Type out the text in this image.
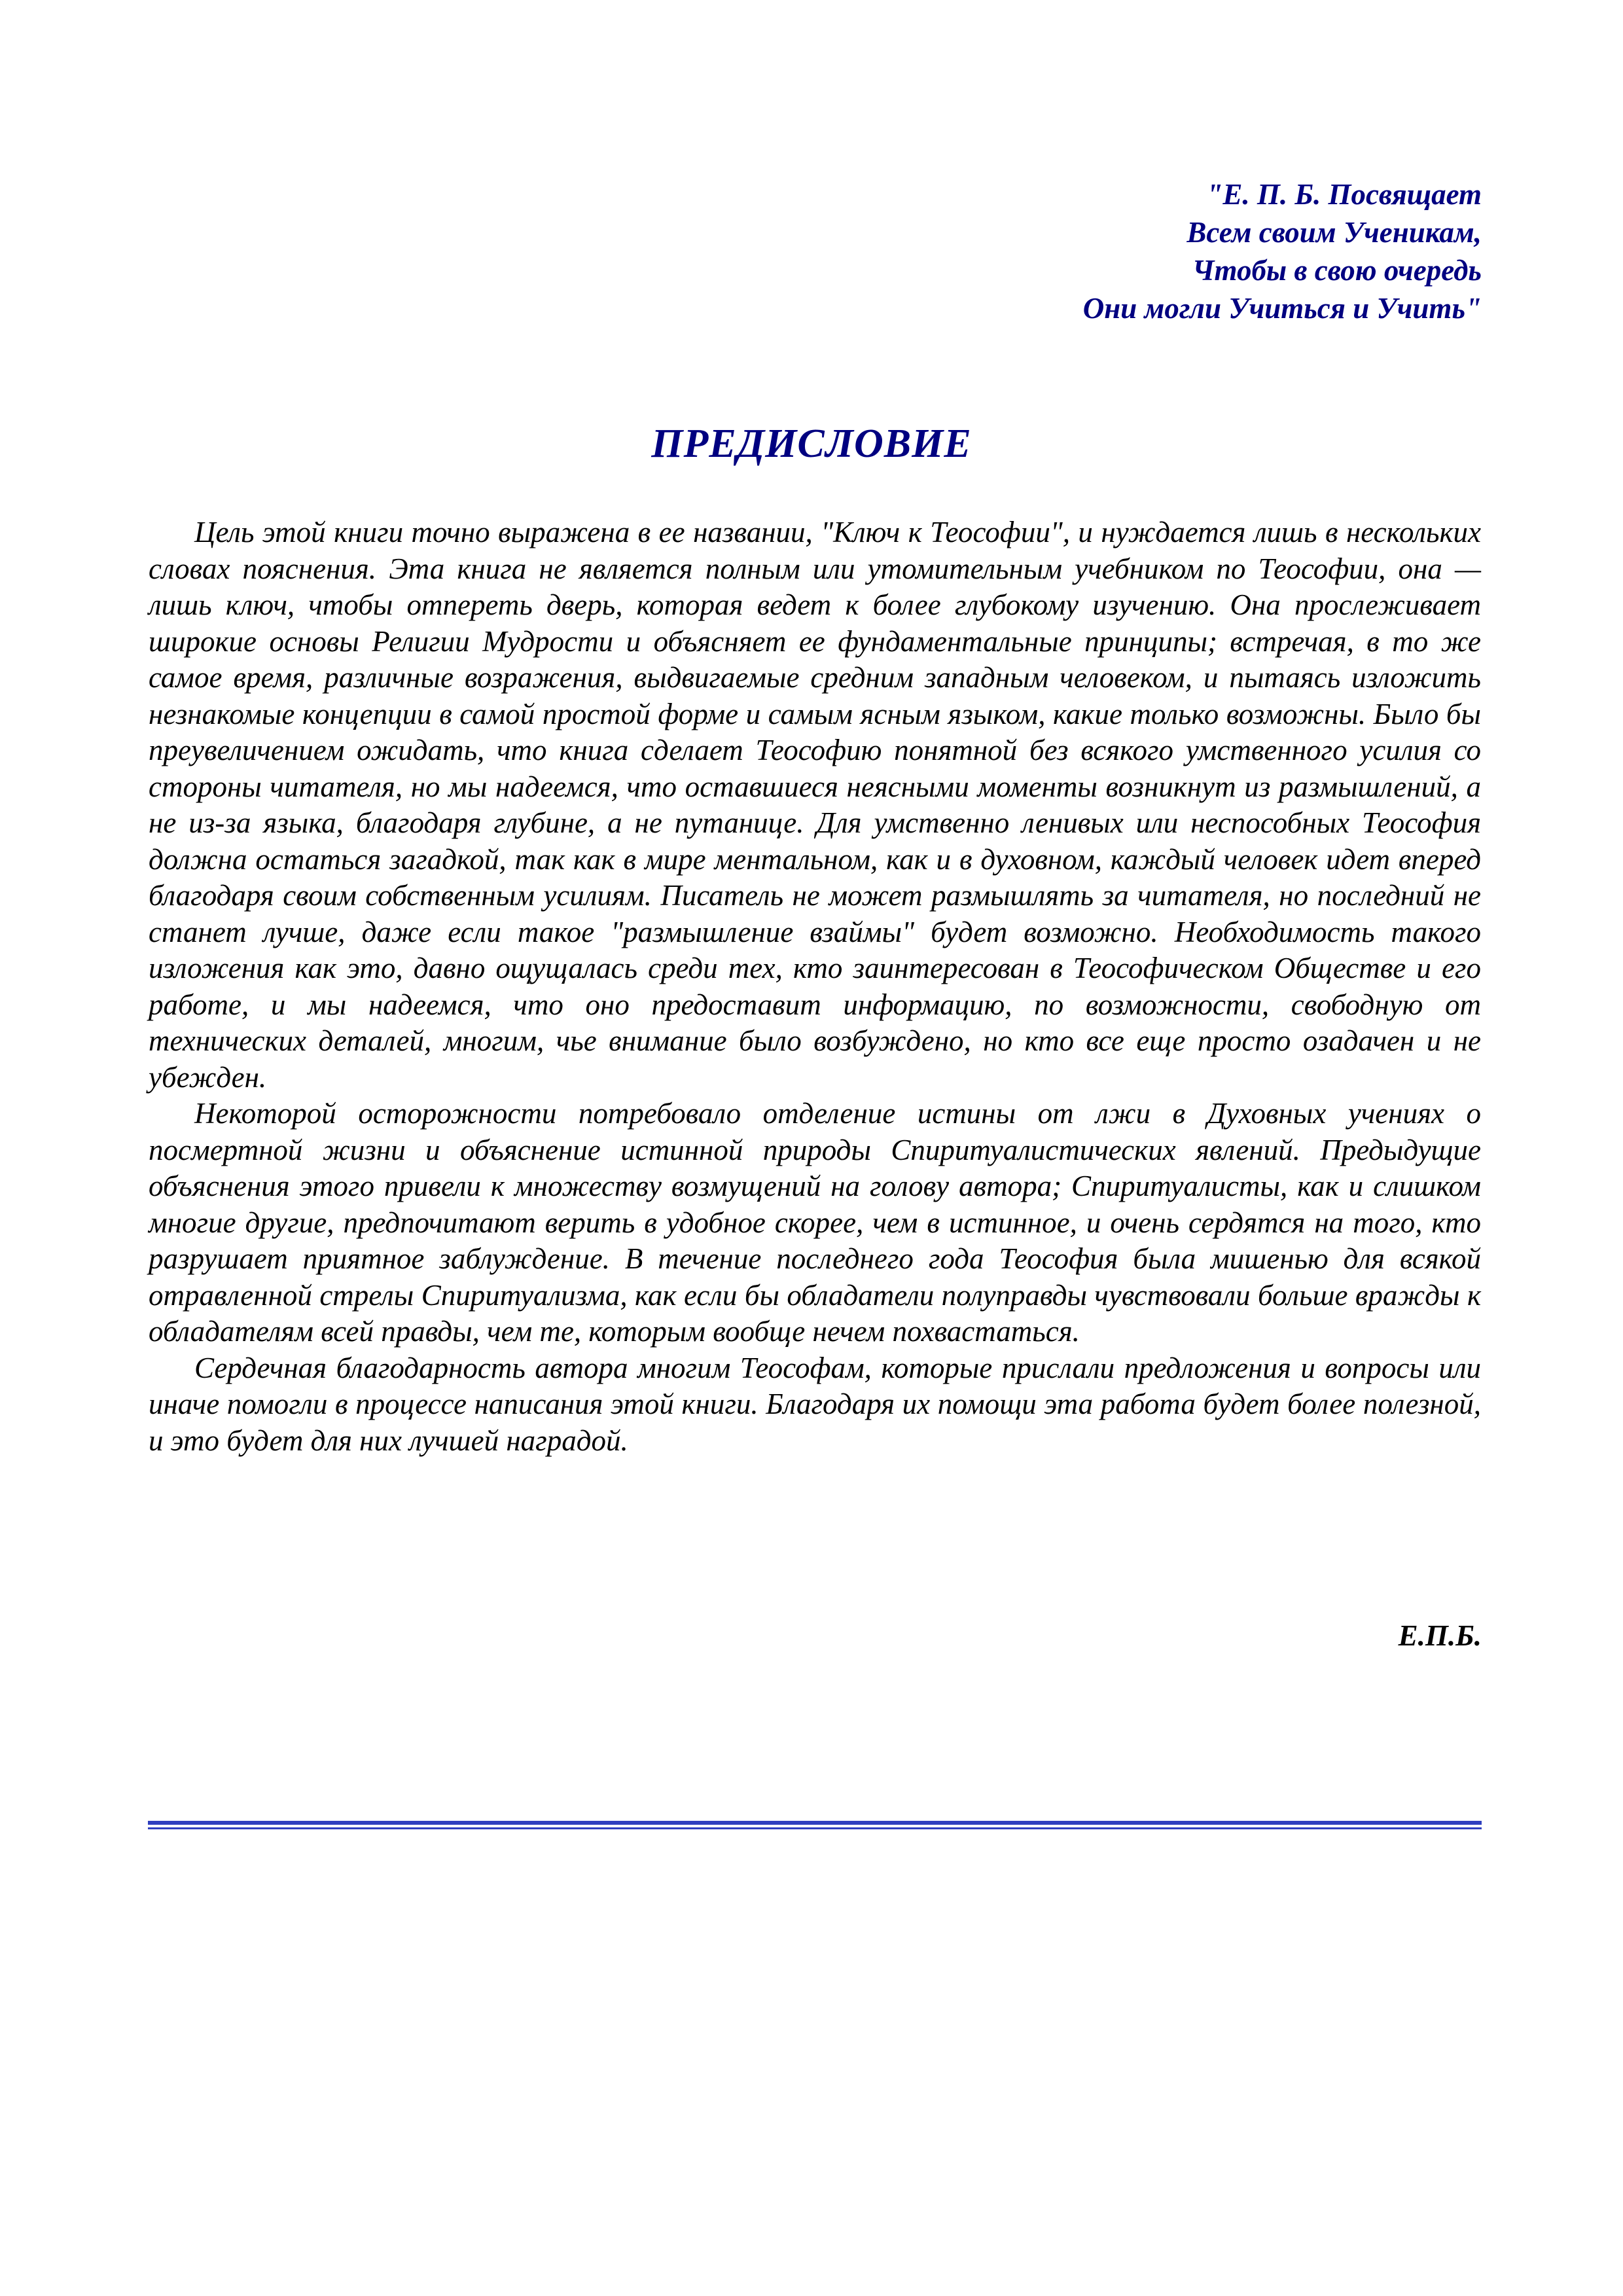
"Е. П. Б. Посвящает
Всем своим Ученикам,
Чтобы в свою очередь
Они могли Учиться и Учить"
ПРЕДИСЛОВИЕ

Цель этой книги точно выражена в ее названии, "Ключ к Теософии", и нуждается лишь в нескольких словах пояснения. Эта книга не является полным или утомительным учебником по Теософии, она — лишь ключ, чтобы отпереть дверь, которая ведет к более глубокому изучению. Она прослеживает широкие основы Религии Мудрости и объясняет ее фундаментальные принципы; встречая, в то же самое время, различные возражения, выдвигаемые средним западным человеком, и пытаясь изложить незнакомые концепции в самой простой форме и самым ясным языком, какие только возможны. Было бы преувеличением ожидать, что книга сделает Теософию понятной без всякого умственного усилия со стороны читателя, но мы надеемся, что оставшиеся неясными моменты возникнут из размышлений, а не из-за языка, благодаря глубине, а не путанице. Для умственно ленивых или неспособных Теософия должна остаться загадкой, так как в мире ментальном, как и в духовном, каждый человек идет вперед благодаря своим собственным усилиям. Писатель не может размышлять за читателя, но последний не станет лучше, даже если такое "размышление взаймы" будет возможно. Необходимость такого изложения как это, давно ощущалась среди тех, кто заинтересован в Теософическом Обществе и его работе, и мы надеемся, что оно предоставит информацию, по возможности, свободную от технических деталей, многим, чье внимание было возбуждено, но кто все еще просто озадачен и не убежден.

Некоторой осторожности потребовало отделение истины от лжи в Духовных учениях о посмертной жизни и объяснение истинной природы Спиритуалистических явлений. Предыдущие объяснения этого привели к множеству возмущений на голову автора; Спиритуалисты, как и слишком многие другие, предпочитают верить в удобное скорее, чем в истинное, и очень сердятся на того, кто разрушает приятное заблуждение. В течение последнего года Теософия была мишенью для всякой отравленной стрелы Спиритуализма, как если бы обладатели полуправды чувствовали больше вражды к обладателям всей правды, чем те, которым вообще нечем похвастаться.

Сердечная благодарность автора многим Теософам, которые прислали предложения и вопросы или иначе помогли в процессе написания этой книги. Благодаря их помощи эта работа будет более полезной, и это будет для них лучшей наградой.

Е.П.Б.
